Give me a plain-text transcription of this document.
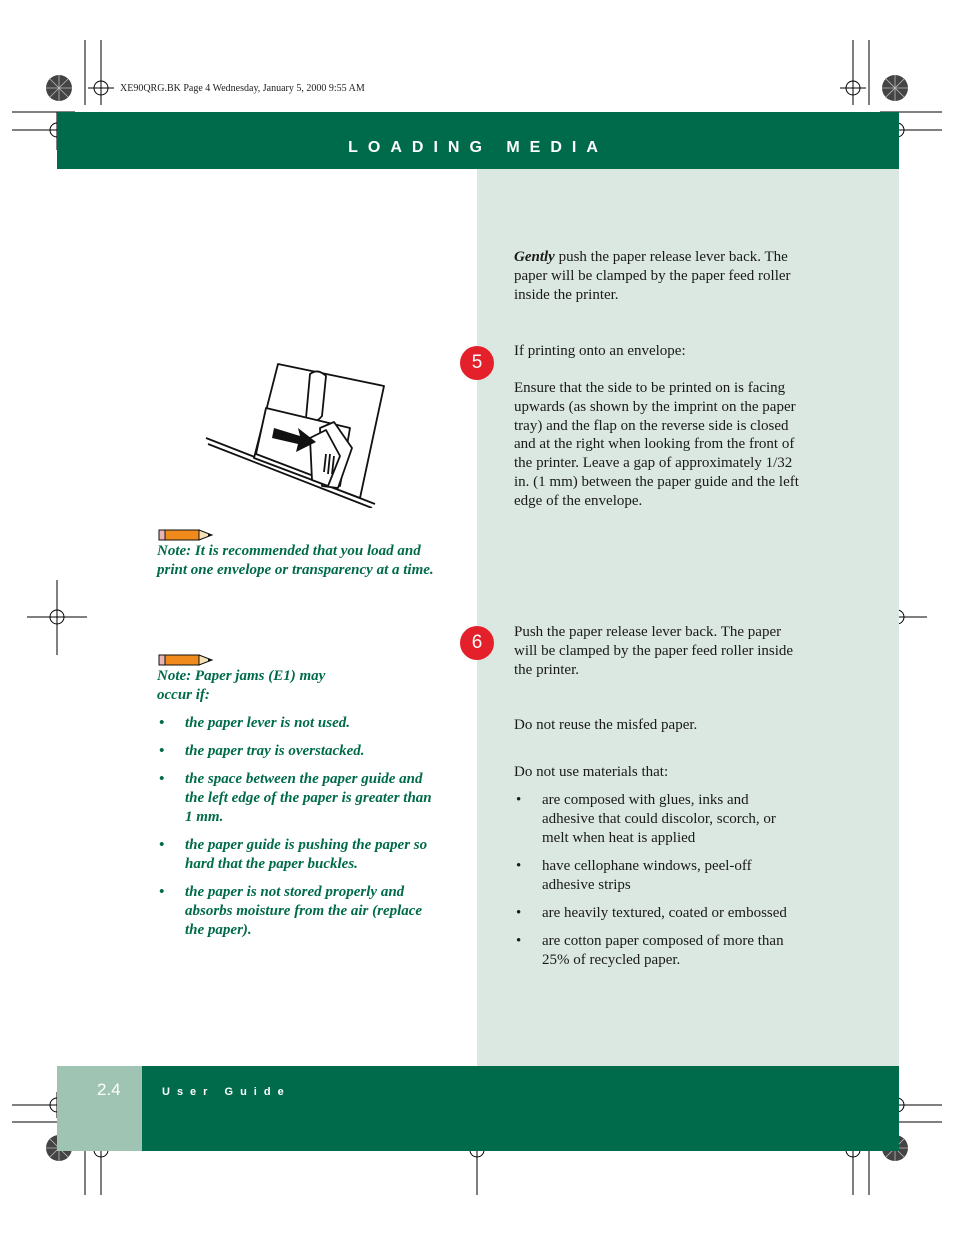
XE90QRG.BK Page 4 Wednesday, January 5, 2000 9:55 AM
LOADING MEDIA
Gently push the paper release lever back. The paper will be clamped by the paper feed roller inside the printer.
5
If printing onto an envelope:
Ensure that the side to be printed on is facing upwards (as shown by the imprint on the paper tray) and the flap on the reverse side is closed and at the right when looking from the front of the printer. Leave a gap of approximately 1/32 in. (1 mm) between the paper guide and the left edge of the envelope.
6	Push the paper release lever back. The paper will be clamped by the paper feed roller inside the printer.
Do not reuse the misfed paper.
Do not use materials that:
• are composed with glues, inks and adhesive that could discolor, scorch, or melt when heat is applied
• have cellophane windows, peel-off adhesive strips
• are heavily textured, coated or embossed
• are cotton paper composed of more than 25% of recycled paper.
Note: It is recommended that you load and print one envelope or transparency at a time.
Note: Paper jams (E1) may occur if:
• the paper lever is not used.
• the paper tray is overstacked.
• the space between the paper guide and the left edge of the paper is greater than 1 mm.
• the paper guide is pushing the paper so hard that the paper buckles.
• the paper is not stored properly and absorbs moisture from the air (replace the paper).
2.4	User Guide
